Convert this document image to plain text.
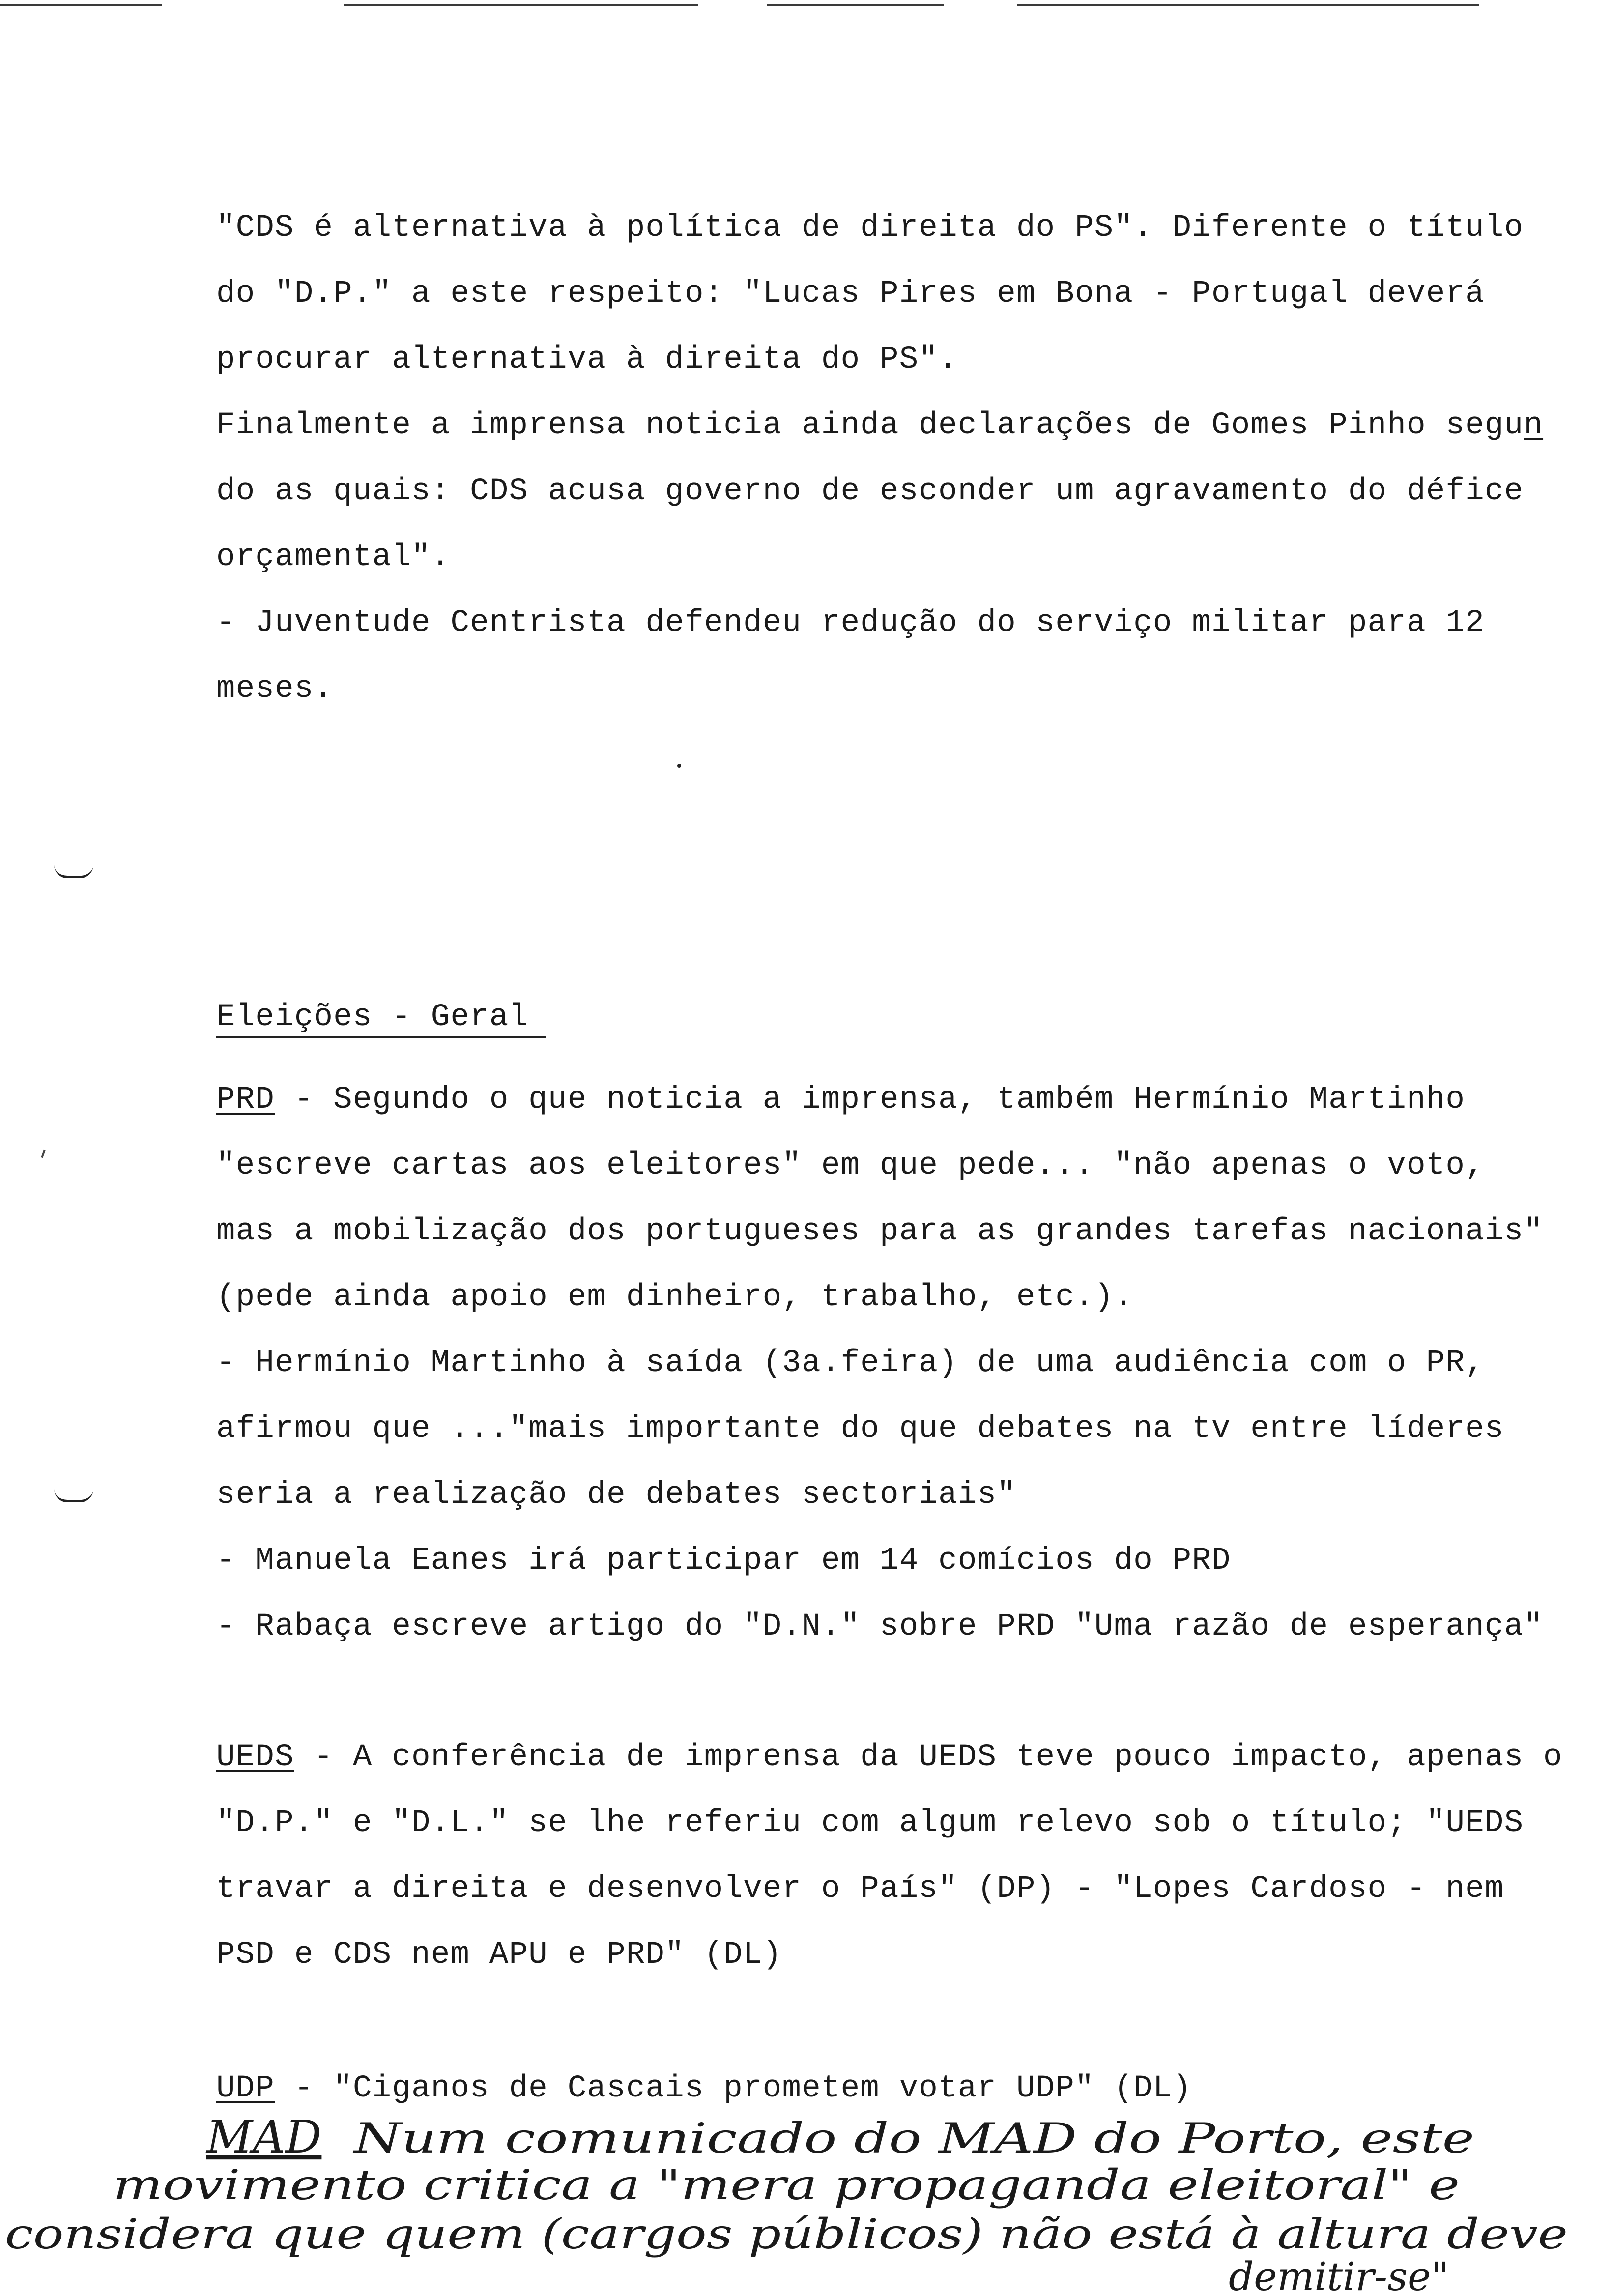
"CDS é alternativa à política de direita do PS". Diferente o título
do "D.P." a este respeito: "Lucas Pires em Bona - Portugal deverá
procurar alternativa à direita do PS".
Finalmente a imprensa noticia ainda declarações de Gomes Pinho segun
do as quais: CDS acusa governo de esconder um agravamento do défice
orçamental".
- Juventude Centrista defendeu redução do serviço militar para 12
meses.
Eleições - Geral
PRD - Segundo o que noticia a imprensa, também Hermínio Martinho
"escreve cartas aos eleitores" em que pede... "não apenas o voto,
mas a mobilização dos portugueses para as grandes tarefas nacionais"
(pede ainda apoio em dinheiro, trabalho, etc.).
- Hermínio Martinho à saída (3a.feira) de uma audiência com o PR,
afirmou que ..."mais importante do que debates na tv entre líderes
seria a realização de debates sectoriais"
- Manuela Eanes irá participar em 14 comícios do PRD
- Rabaça escreve artigo do "D.N." sobre PRD "Uma razão de esperança"
UEDS - A conferência de imprensa da UEDS teve pouco impacto, apenas o
"D.P." e "D.L." se lhe referiu com algum relevo sob o título; "UEDS
travar a direita e desenvolver o País" (DP) - "Lopes Cardoso - nem
PSD e CDS nem APU e PRD" (DL)
UDP - "Ciganos de Cascais prometem votar UDP" (DL)
MAD Num comunicado do MAD do Porto, este
movimento critica a "mera propaganda eleitoral" e
considera que quem (cargos públicos) não está à altura deve
demitir-se"
